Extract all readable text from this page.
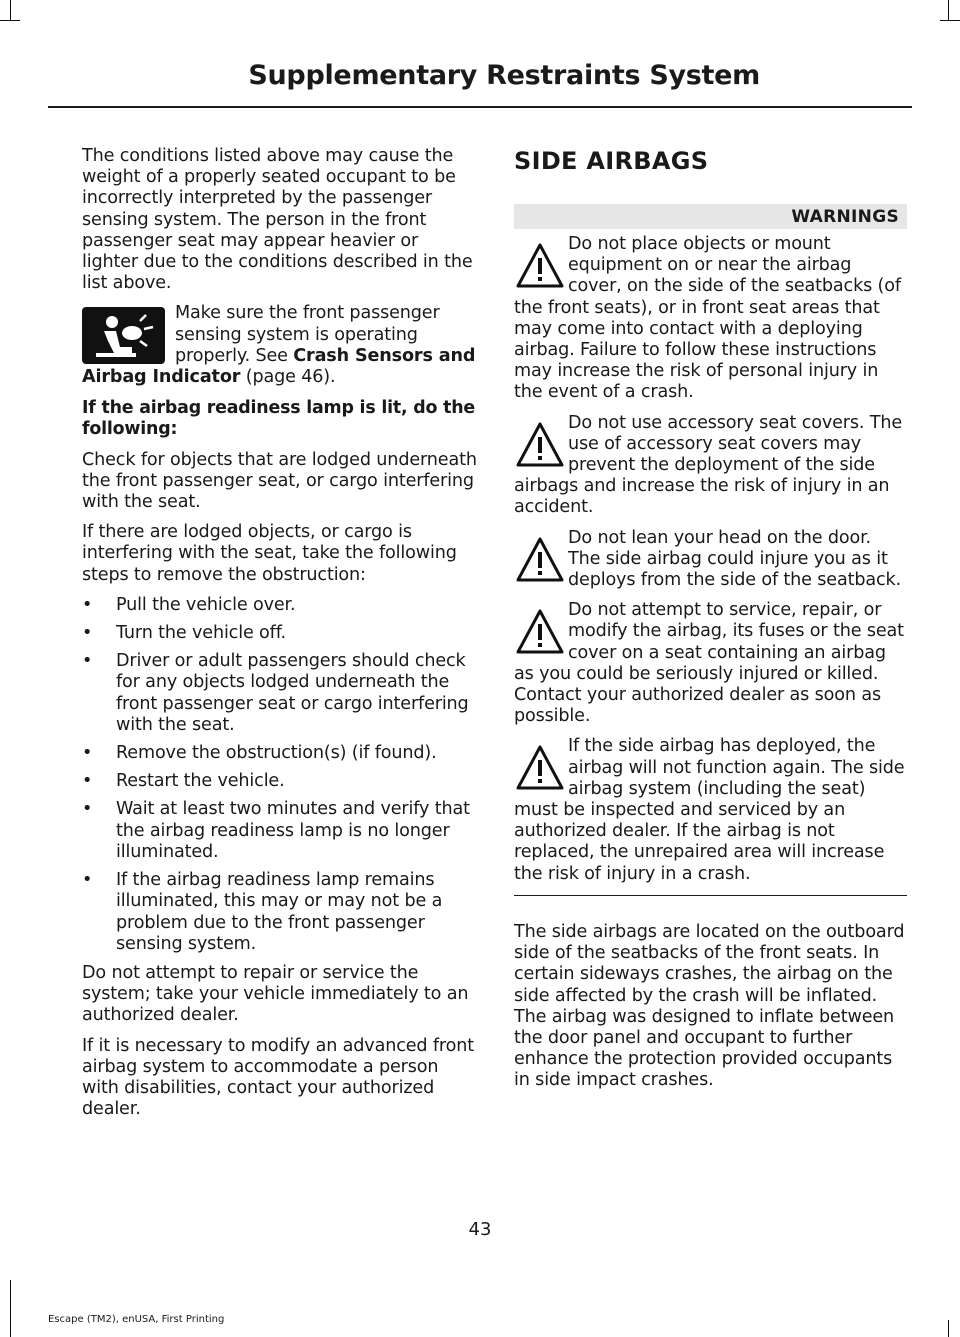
Supplementary Restraints System

The conditions listed above may cause the weight of a properly seated occupant to be incorrectly interpreted by the passenger sensing system. The person in the front passenger seat may appear heavier or lighter due to the conditions described in the list above.

Make sure the front passenger sensing system is operating properly. See Crash Sensors and Airbag Indicator (page 46).
If the airbag readiness lamp is lit, do the following:

Check for objects that are lodged underneath the front passenger seat, or cargo interfering with the seat.

If there are lodged objects, or cargo is interfering with the seat, take the following steps to remove the obstruction:

• Pull the vehicle over.
• Turn the vehicle off.
• Driver or adult passengers should check for any objects lodged underneath the front passenger seat or cargo interfering with the seat.
• Remove the obstruction(s) (if found).
• Restart the vehicle.
• Wait at least two minutes and verify that the airbag readiness lamp is no longer illuminated.
• If the airbag readiness lamp remains illuminated, this may or may not be a problem due to the front passenger sensing system.

Do not attempt to repair or service the system; take your vehicle immediately to an authorized dealer.

If it is necessary to modify an advanced front airbag system to accommodate a person with disabilities, contact your authorized dealer.

SIDE AIRBAGS
WARNINGS
Do not place objects or mount equipment on or near the airbag cover, on the side of the seatbacks (of the front seats), or in front seat areas that may come into contact with a deploying airbag. Failure to follow these instructions may increase the risk of personal injury in the event of a crash.
Do not use accessory seat covers. The use of accessory seat covers may prevent the deployment of the side airbags and increase the risk of injury in an accident.
Do not lean your head on the door. The side airbag could injure you as it deploys from the side of the seatback.
Do not attempt to service, repair, or modify the airbag, its fuses or the seat cover on a seat containing an airbag as you could be seriously injured or killed. Contact your authorized dealer as soon as possible.
If the side airbag has deployed, the airbag will not function again. The side airbag system (including the seat) must be inspected and serviced by an authorized dealer. If the airbag is not replaced, the unrepaired area will increase the risk of injury in a crash.

The side airbags are located on the outboard side of the seatbacks of the front seats. In certain sideways crashes, the airbag on the side affected by the crash will be inflated. The airbag was designed to inflate between the door panel and occupant to further enhance the protection provided occupants in side impact crashes.

43
Escape (TM2), enUSA, First Printing
